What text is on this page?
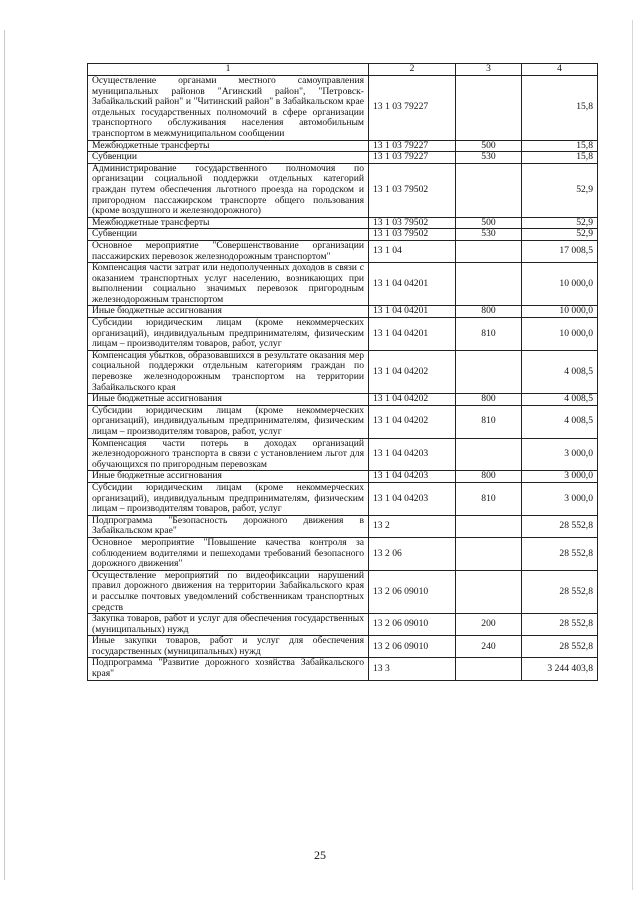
1	2	3	4
Осуществление органами местного самоуправления муниципальных районов "Агинский район", "Петровск-Забайкальский район" и "Читинский район" в Забайкальском крае отдельных государственных полномочий в сфере организации транспортного обслуживания населения автомобильным транспортом в межмуниципальном сообщении	13 1 03 79227		15,8
Межбюджетные трансферты	13 1 03 79227	500	15,8
Субвенции	13 1 03 79227	530	15,8
Администрирование государственного полномочия по организации социальной поддержки отдельных категорий граждан путем обеспечения льготного проезда на городском и пригородном пассажирском транспорте общего пользования (кроме воздушного и железнодорожного)	13 1 03 79502		52,9
Межбюджетные трансферты	13 1 03 79502	500	52,9
Субвенции	13 1 03 79502	530	52,9
Основное мероприятие "Совершенствование организации пассажирских перевозок железнодорожным транспортом"	13 1 04		17 008,5
Компенсация части затрат или недополученных доходов в связи с оказанием транспортных услуг населению, возникающих при выполнении социально значимых перевозок пригородным железнодорожным транспортом	13 1 04 04201		10 000,0
Иные бюджетные ассигнования	13 1 04 04201	800	10 000,0
Субсидии юридическим лицам (кроме некоммерческих организаций), индивидуальным предпринимателям, физическим лицам – производителям товаров, работ, услуг	13 1 04 04201	810	10 000,0
Компенсация убытков, образовавшихся в результате оказания мер социальной поддержки отдельным категориям граждан по перевозке железнодорожным транспортом на территории Забайкальского края	13 1 04 04202		4 008,5
Иные бюджетные ассигнования	13 1 04 04202	800	4 008,5
Субсидии юридическим лицам (кроме некоммерческих организаций), индивидуальным предпринимателям, физическим лицам – производителям товаров, работ, услуг	13 1 04 04202	810	4 008,5
Компенсация части потерь в доходах организаций железнодорожного транспорта в связи с установлением льгот для обучающихся по пригородным перевозкам	13 1 04 04203		3 000,0
Иные бюджетные ассигнования	13 1 04 04203	800	3 000,0
Субсидии юридическим лицам (кроме некоммерческих организаций), индивидуальным предпринимателям, физическим лицам – производителям товаров, работ, услуг	13 1 04 04203	810	3 000,0
Подпрограмма "Безопасность дорожного движения в Забайкальском крае"	13 2		28 552,8
Основное мероприятие "Повышение качества контроля за соблюдением водителями и пешеходами требований безопасного дорожного движения"	13 2 06		28 552,8
Осуществление мероприятий по видеофиксации нарушений правил дорожного движения на территории Забайкальского края и рассылке почтовых уведомлений собственникам транспортных средств	13 2 06 09010		28 552,8
Закупка товаров, работ и услуг для обеспечения государственных (муниципальных) нужд	13 2 06 09010	200	28 552,8
Иные закупки товаров, работ и услуг для обеспечения государственных (муниципальных) нужд	13 2 06 09010	240	28 552,8
Подпрограмма "Развитие дорожного хозяйства Забайкальского края"	13 3		3 244 403,8
25
